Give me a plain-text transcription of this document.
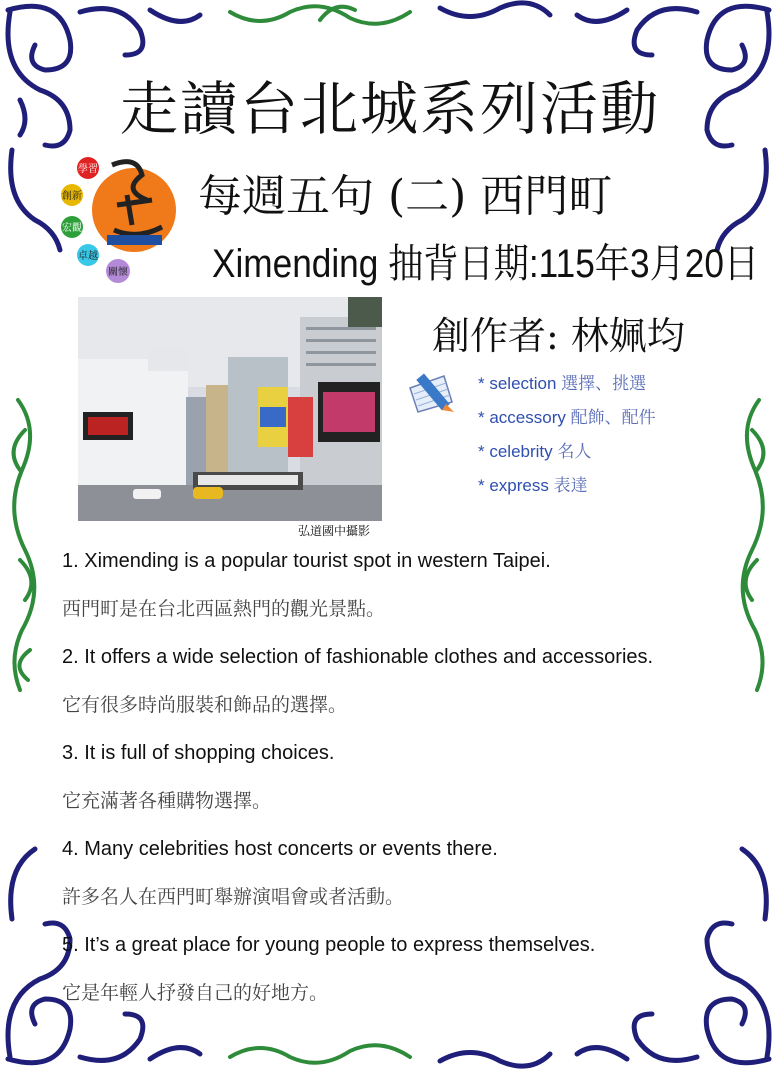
走讀台北城系列活動
學習
創新
宏觀
卓越
關懷
每週五句 (二) 西門町
Ximending 抽背日期:115年3月20日
創作者: 林姵均
弘道國中攝影
* selection 選擇、挑選
* accessory 配飾、配件
* celebrity 名人
* express 表達
1. Ximending is a popular tourist spot in western Taipei.
西門町是在台北西區熱門的觀光景點。
2. It offers a wide selection of fashionable clothes and accessories.
它有很多時尚服裝和飾品的選擇。
3. It is full of shopping choices.
它充滿著各種購物選擇。
4. Many celebrities host concerts or events there.
許多名人在西門町舉辦演唱會或者活動。
5. It’s a great place for young people to express themselves.
它是年輕人抒發自己的好地方。
